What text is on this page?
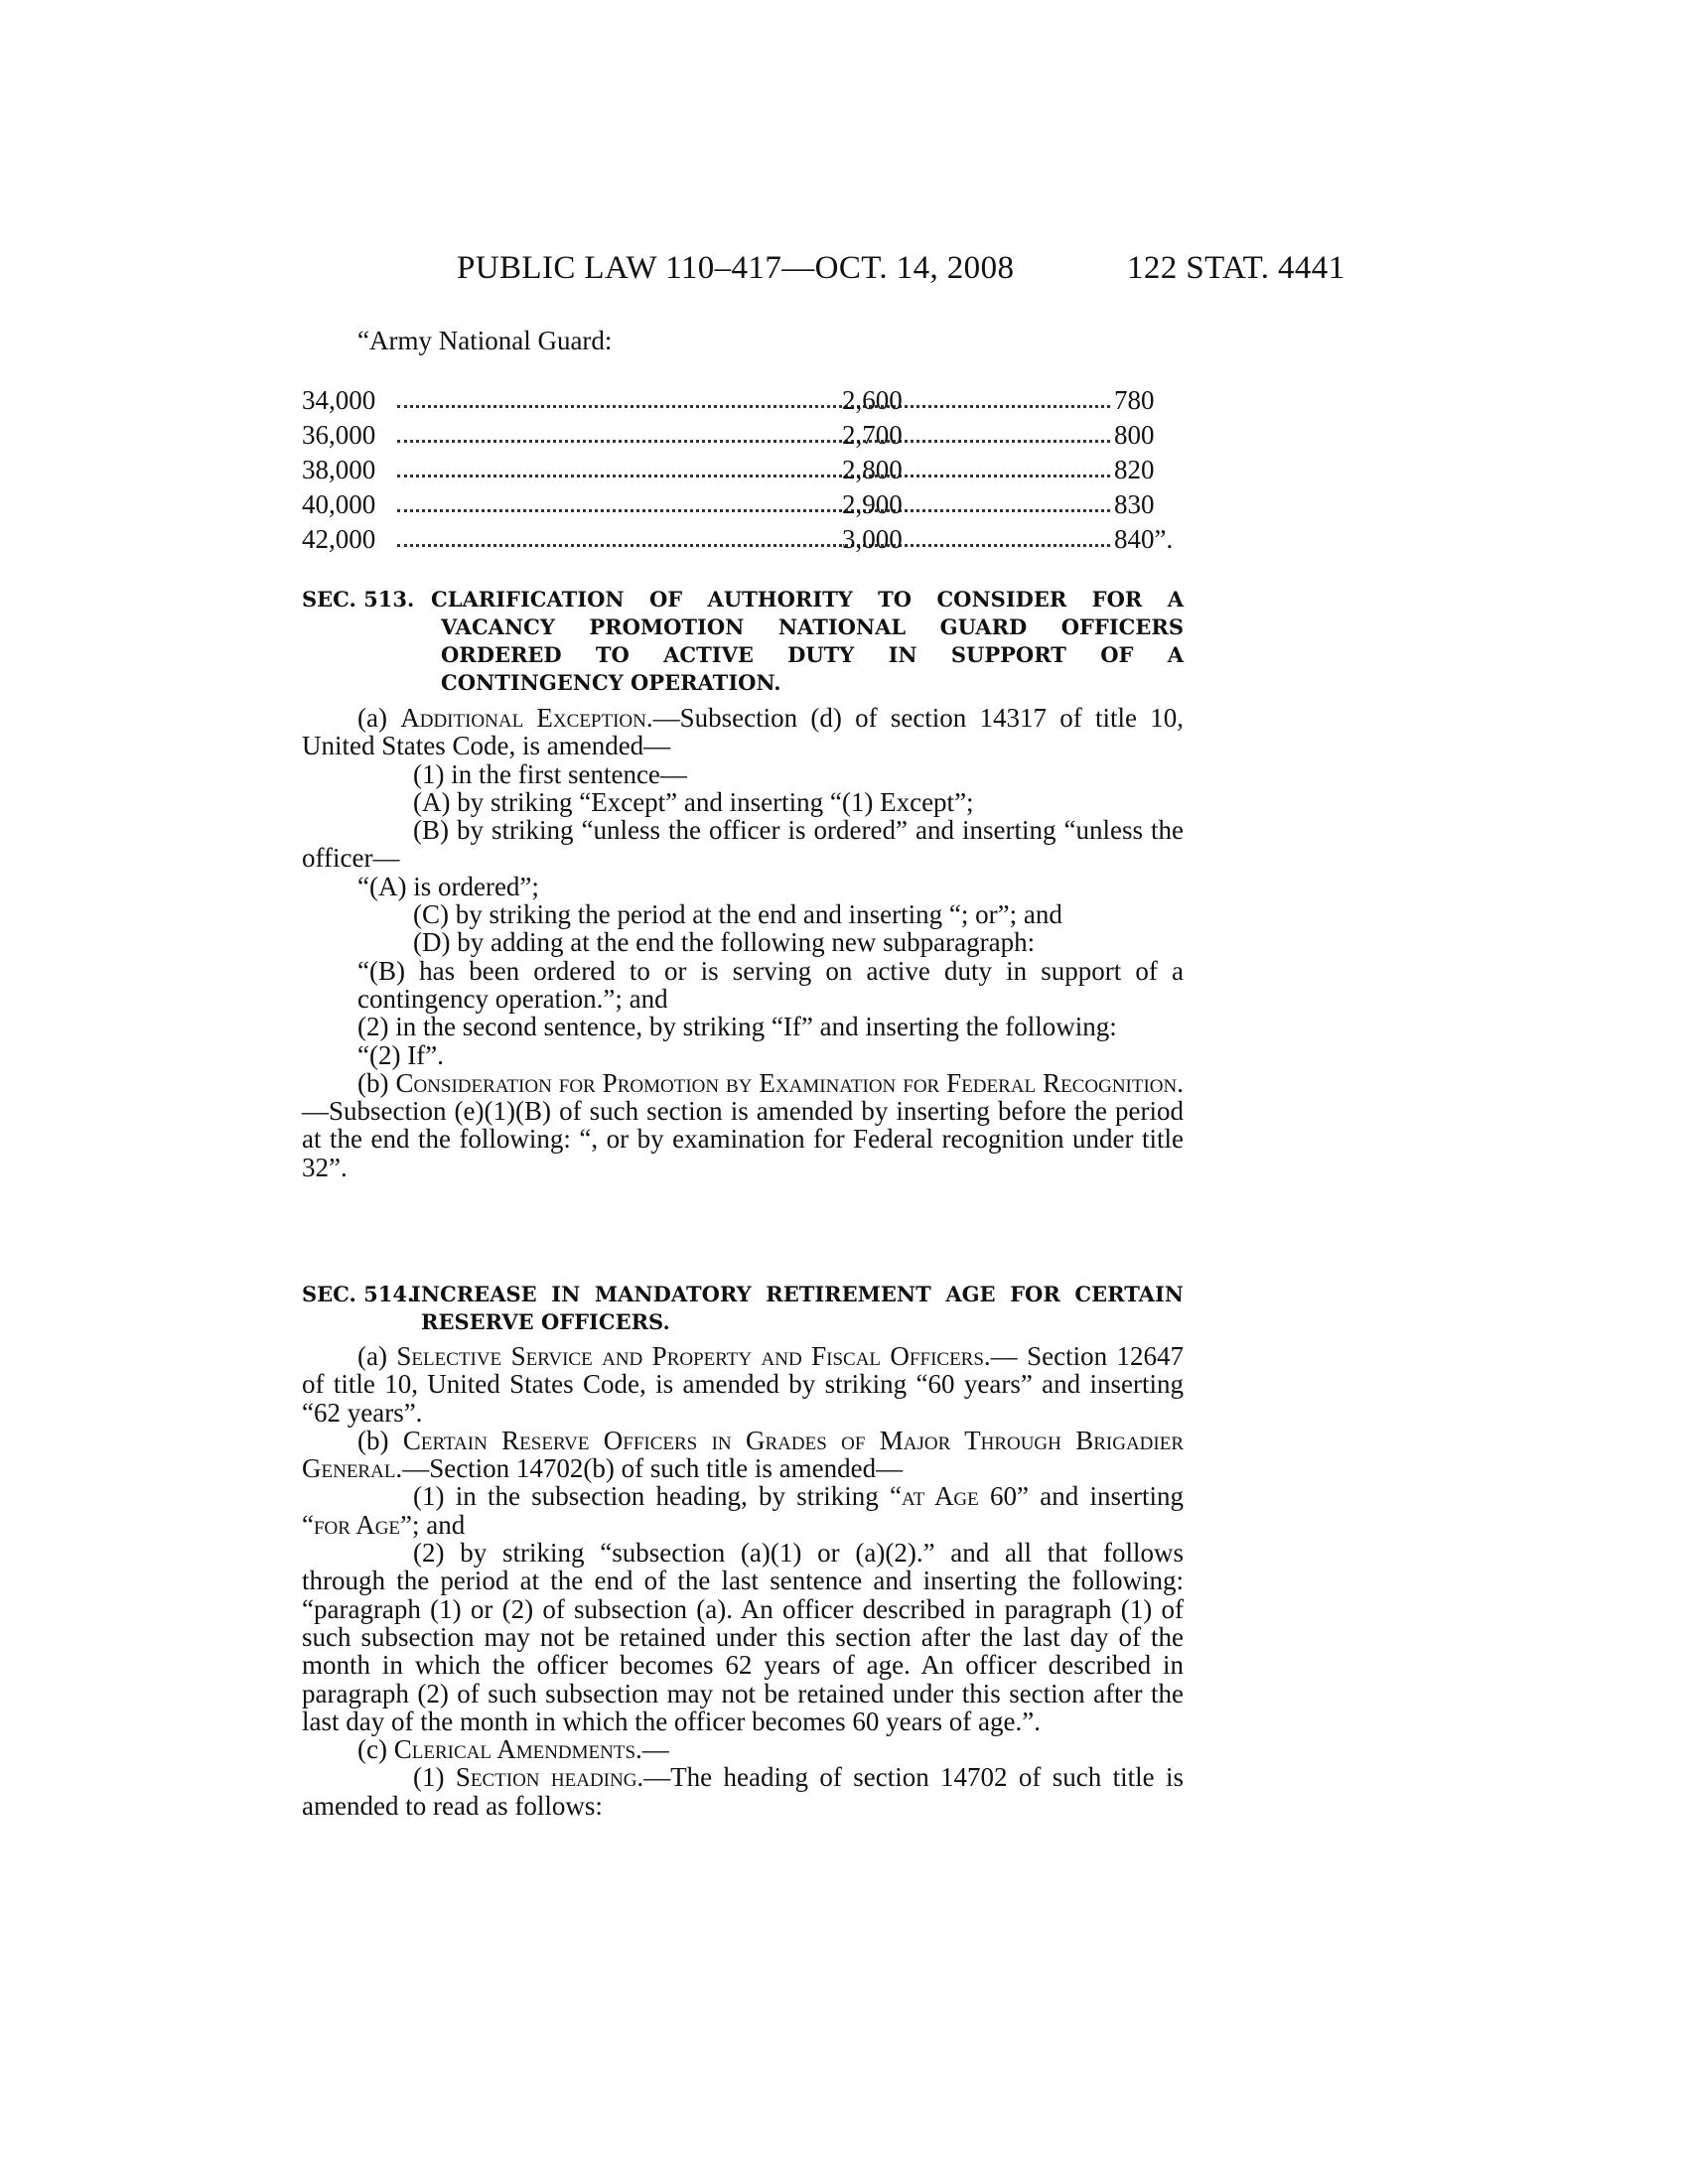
PUBLIC LAW 110–417—OCT. 14, 2008	122 STAT. 4441
“Army National Guard:
34,000	2,600	780
36,000	2,700	800
38,000	2,800	820
40,000	2,900	830
42,000	3,000	840”.
SEC. 513. CLARIFICATION OF AUTHORITY TO CONSIDER FOR A VACANCY PROMOTION NATIONAL GUARD OFFICERS ORDERED TO ACTIVE DUTY IN SUPPORT OF A CONTINGENCY OPERATION.

(a) Additional Exception.—Subsection (d) of section 14317 of title 10, United States Code, is amended—

(1) in the first sentence—

(A) by striking “Except” and inserting “(1) Except”;

(B) by striking “unless the officer is ordered” and inserting “unless the officer—

“(A) is ordered”;

(C) by striking the period at the end and inserting “; or”; and

(D) by adding at the end the following new subparagraph:

“(B) has been ordered to or is serving on active duty in support of a contingency operation.”; and

(2) in the second sentence, by striking “If” and inserting the following:

“(2) If”.

(b) Consideration for Promotion by Examination for Federal Recognition.—Subsection (e)(1)(B) of such section is amended by inserting before the period at the end the following: “, or by examination for Federal recognition under title 32”.

SEC. 514.
INCREASE IN MANDATORY RETIREMENT AGE FOR CERTAIN RESERVE OFFICERS.

(a) Selective Service and Property and Fiscal Officers.— Section 12647 of title 10, United States Code, is amended by striking “60 years” and inserting “62 years”.

(b) Certain Reserve Officers in Grades of Major Through Brigadier General.—Section 14702(b) of such title is amended—

(1) in the subsection heading, by striking “at Age 60” and inserting “for Age”; and

(2) by striking “subsection (a)(1) or (a)(2).” and all that follows through the period at the end of the last sentence and inserting the following: “paragraph (1) or (2) of subsection (a). An officer described in paragraph (1) of such subsection may not be retained under this section after the last day of the month in which the officer becomes 62 years of age. An officer described in paragraph (2) of such subsection may not be retained under this section after the last day of the month in which the officer becomes 60 years of age.”.

(c) Clerical Amendments.—

(1) Section heading.—The heading of section 14702 of such title is amended to read as follows:
